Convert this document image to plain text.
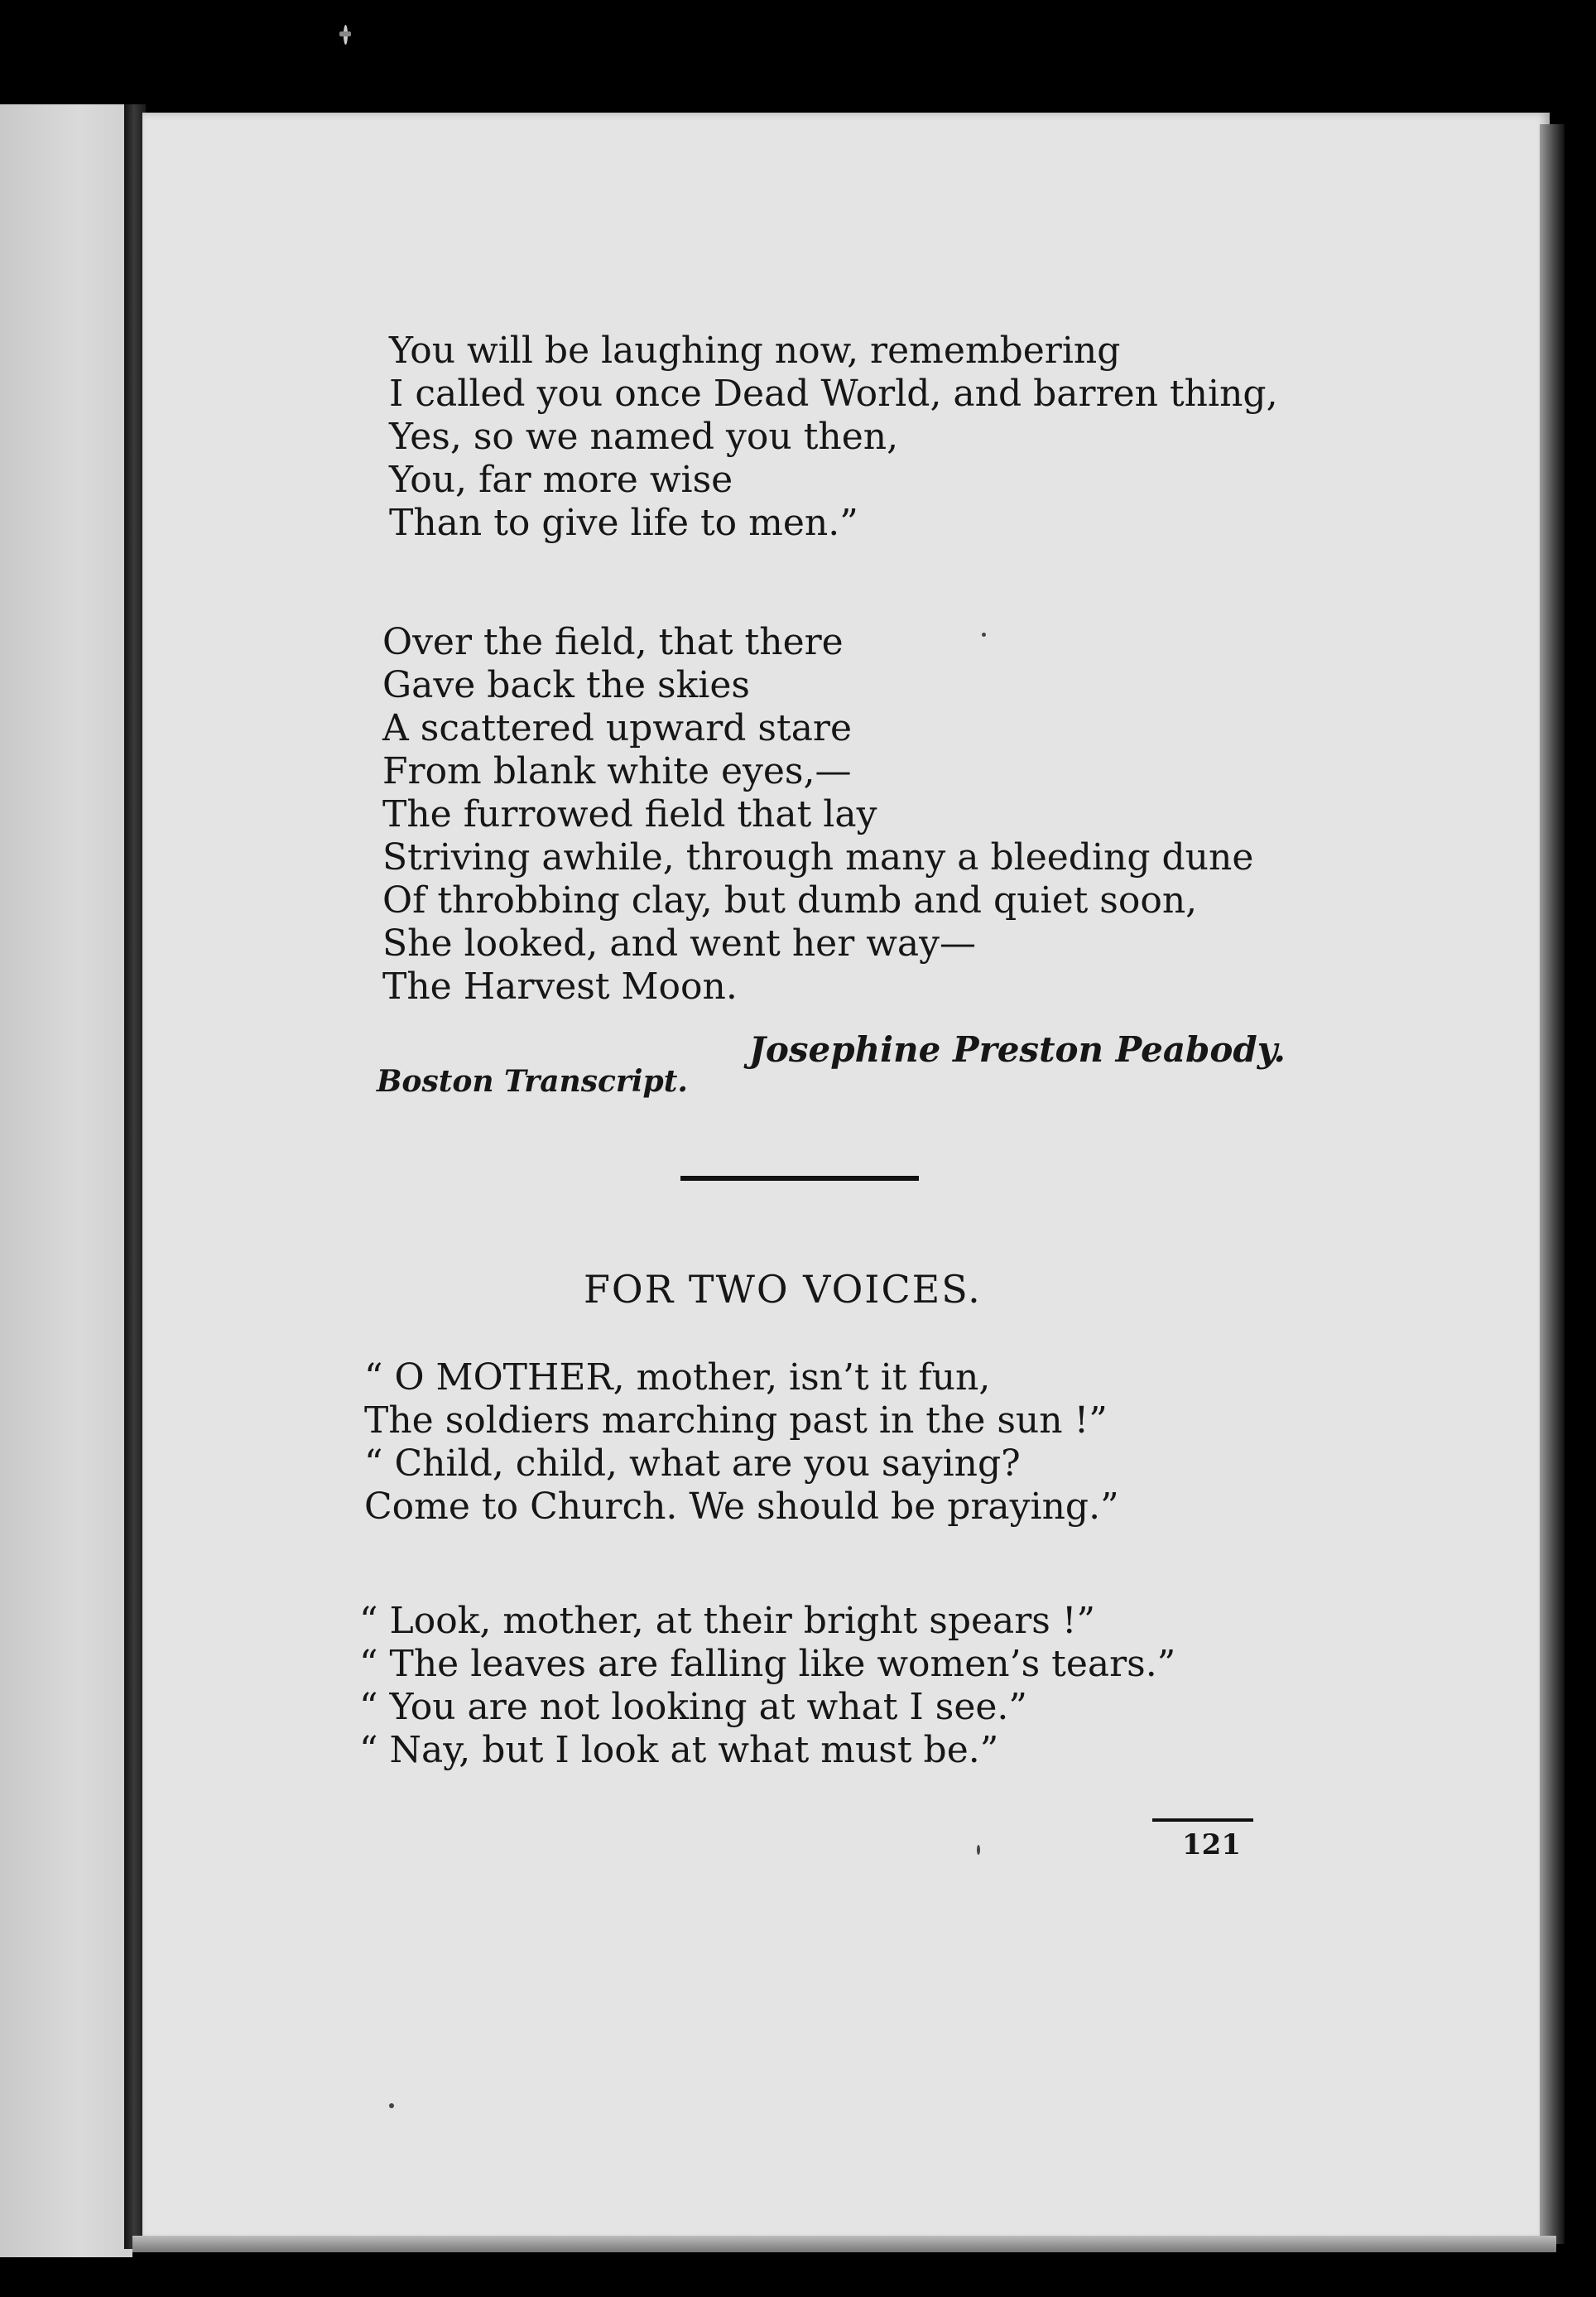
You will be laughing now, remembering
I called you once Dead World, and barren thing,
Yes, so we named you then,
You, far more wise
Than to give life to men.”
Over the field, that there
Gave back the skies
A scattered upward stare
From blank white eyes,—
The furrowed field that lay
Striving awhile, through many a bleeding dune
Of throbbing clay, but dumb and quiet soon,
She looked, and went her way—
The Harvest Moon.

Josephine Preston Peabody.

Boston Transcript.

FOR TWO VOICES.

“ O MOTHER, mother, isn’t it fun,
The soldiers marching past in the sun !”
“ Child, child, what are you saying?
Come to Church. We should be praying.”
“ Look, mother, at their bright spears !”
“ The leaves are falling like women’s tears.”
“ You are not looking at what I see.”
“ Nay, but I look at what must be.”

121
